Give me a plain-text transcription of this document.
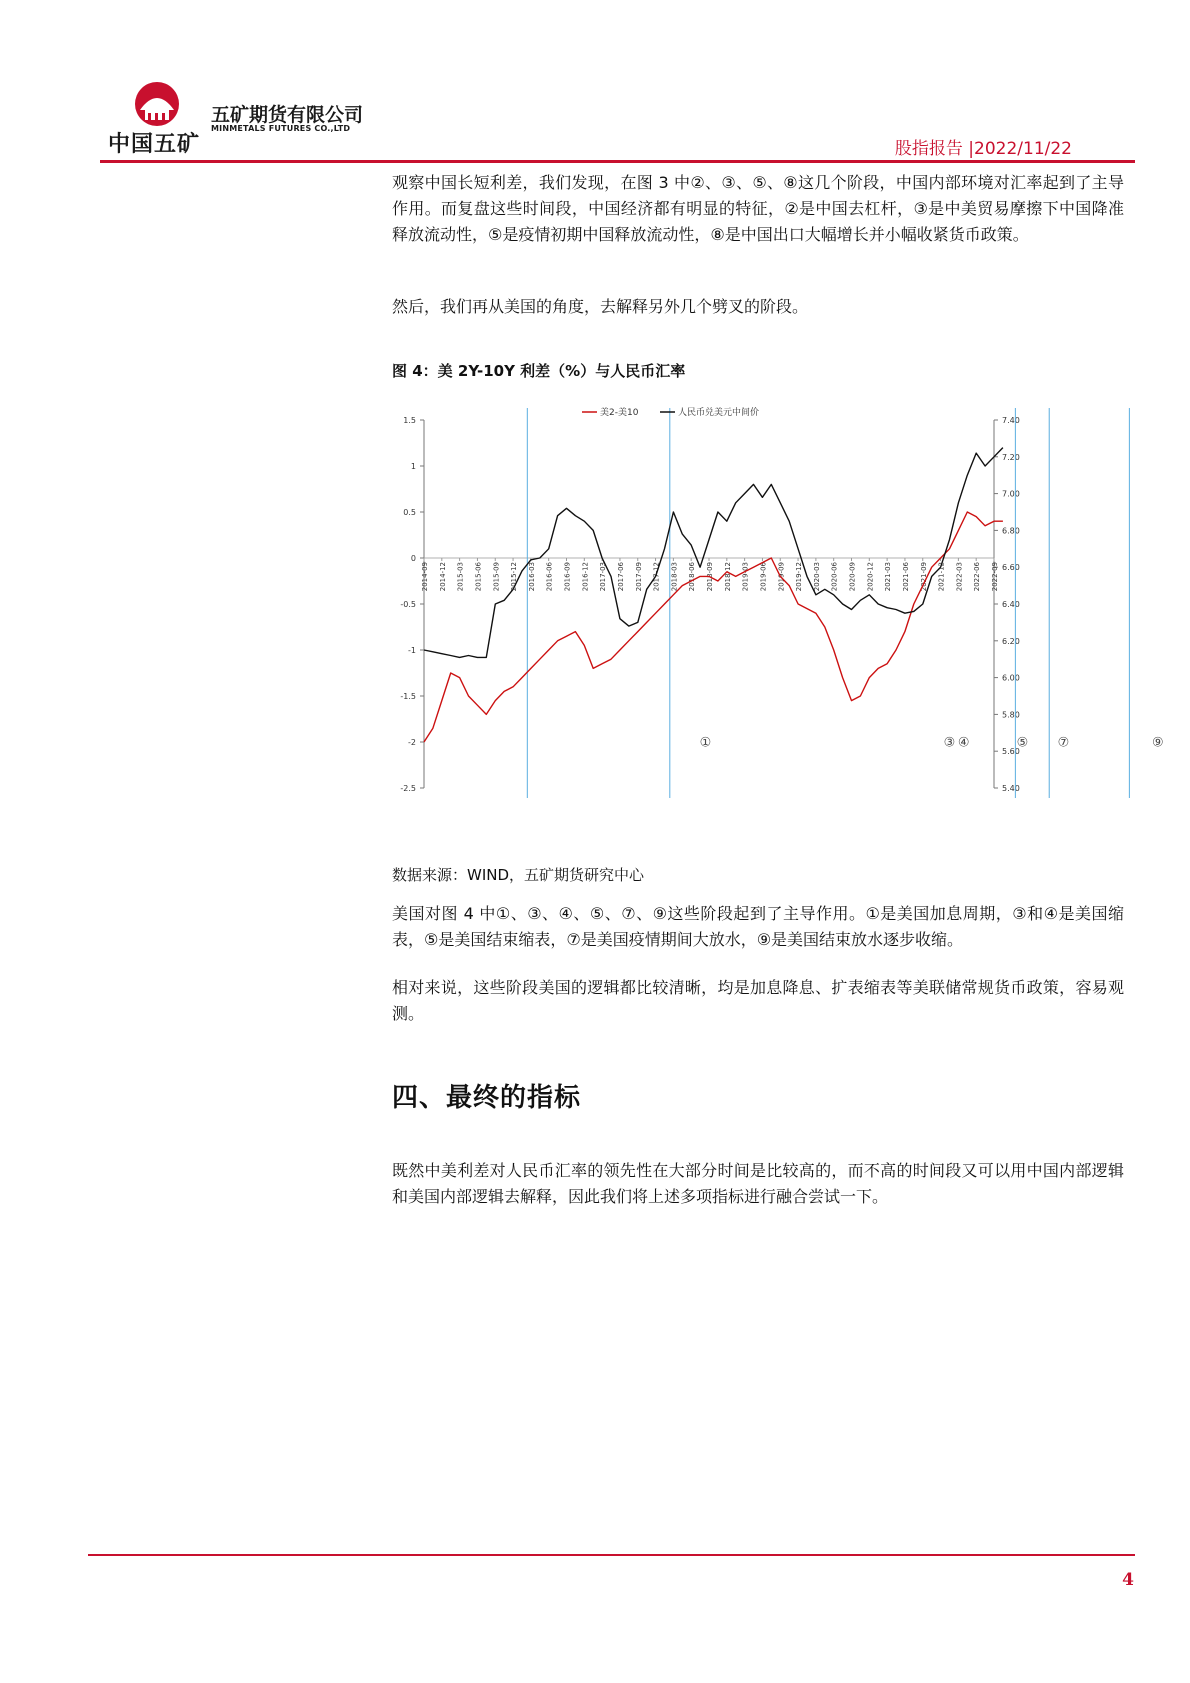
中国五矿
五矿期货有限公司
MINMETALS FUTURES CO.,LTD
股指报告 |2022/11/22

观察中国长短利差，我们发现，在图 3 中②、③、⑤、⑧这几个阶段，中国内部环境对汇率起到了主导作用。而复盘这些时间段，中国经济都有明显的特征，②是中国去杠杆，③是中美贸易摩擦下中国降准释放流动性，⑤是疫情初期中国释放流动性，⑧是中国出口大幅增长并小幅收紧货币政策。

然后，我们再从美国的角度，去解释另外几个劈叉的阶段。

图 4：美 2Y-10Y 利差（%）与人民币汇率

-2.5
-2
-1.5
-1
-0.5
0
0.5
1
1.5
5.40
5.60
5.80
6.00
6.20
6.40
6.60
6.80
7.00
7.20
7.40
2014-09 2014-12 2015-03 2015-06 2015-09 2015-12 2016-03 2016-06 2016-09 2016-12 2017-03 2017-06 2017-09 2017-12 2018-03 2018-06 2018-09 2018-12 2019-03 2019-06 2019-09 2019-12 2020-03 2020-06 2020-09 2020-12 2021-03 2021-06 2021-09 2021-12 2022-03 2022-06 2022-09
①	③ ④	⑤ ⑦	⑨
美2-美10	人民币兑美元中间价

数据来源：WIND，五矿期货研究中心

美国对图 4 中①、③、④、⑤、⑦、⑨这些阶段起到了主导作用。①是美国加息周期，③和④是美国缩表，⑤是美国结束缩表，⑦是美国疫情期间大放水，⑨是美国结束放水逐步收缩。

相对来说，这些阶段美国的逻辑都比较清晰，均是加息降息、扩表缩表等美联储常规货币政策，容易观测。

四、最终的指标

既然中美利差对人民币汇率的领先性在大部分时间是比较高的，而不高的时间段又可以用中国内部逻辑和美国内部逻辑去解释，因此我们将上述多项指标进行融合尝试一下。

4
